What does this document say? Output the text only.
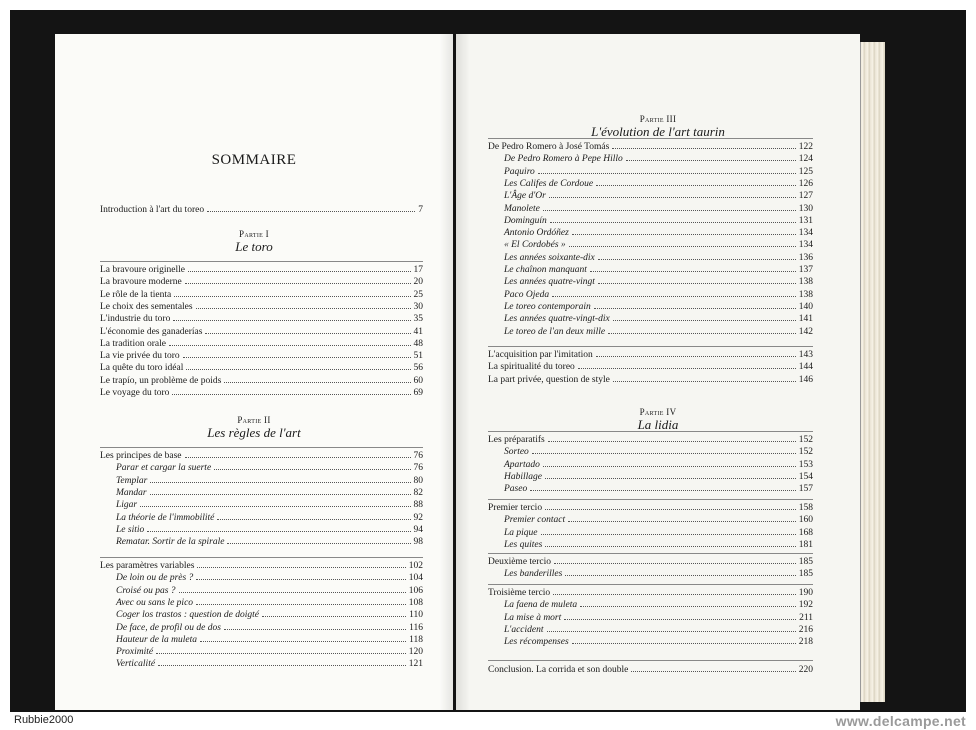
SOMMAIRE
Introduction à l'art du toreo	7
Partie I
Le toro
La bravoure originelle	17
La bravoure moderne	20
Le rôle de la tienta	25
Le choix des sementales	30
L'industrie du toro	35
L'économie des ganaderías	41
La tradition orale	48
La vie privée du toro	51
La quête du toro idéal	56
Le trapío, un problème de poids	60
Le voyage du toro	69
Partie II
Les règles de l'art
Les principes de base	76
Parar et cargar la suerte	76
Templar	80
Mandar	82
Ligar	88
La théorie de l'immobilité	92
Le sitio	94
Rematar. Sortir de la spirale	98
Les paramètres variables	102
De loin ou de près ?	104
Croisé ou pas ?	106
Avec ou sans le pico	108
Coger los trastos : question de doigté	110
De face, de profil ou de dos	116
Hauteur de la muleta	118
Proximité	120
Verticalité	121
Partie III
L'évolution de l'art taurin
De Pedro Romero à José Tomás	122
De Pedro Romero à Pepe Hillo	124
Paquiro	125
Les Califes de Cordoue	126
L'Âge d'Or	127
Manolete	130
Dominguín	131
Antonio Ordóñez	134
« El Cordobés »	134
Les années soixante-dix	136
Le chaînon manquant	137
Les années quatre-vingt	138
Paco Ojeda	138
Le toreo contemporain	140
Les années quatre-vingt-dix	141
Le toreo de l'an deux mille	142
L'acquisition par l'imitation	143
La spiritualité du toreo	144
La part privée, question de style	146
Partie IV
La lidia
Les préparatifs	152
Sorteo	152
Apartado	153
Habillage	154
Paseo	157
Premier tercio	158
Premier contact	160
La pique	168
Les quites	181
Deuxième tercio	185
Les banderilles	185
Troisième tercio	190
La faena de muleta	192
La mise à mort	211
L'accident	216
Les récompenses	218
Conclusion. La corrida et son double	220
Rubbie2000	www.delcampe.net
